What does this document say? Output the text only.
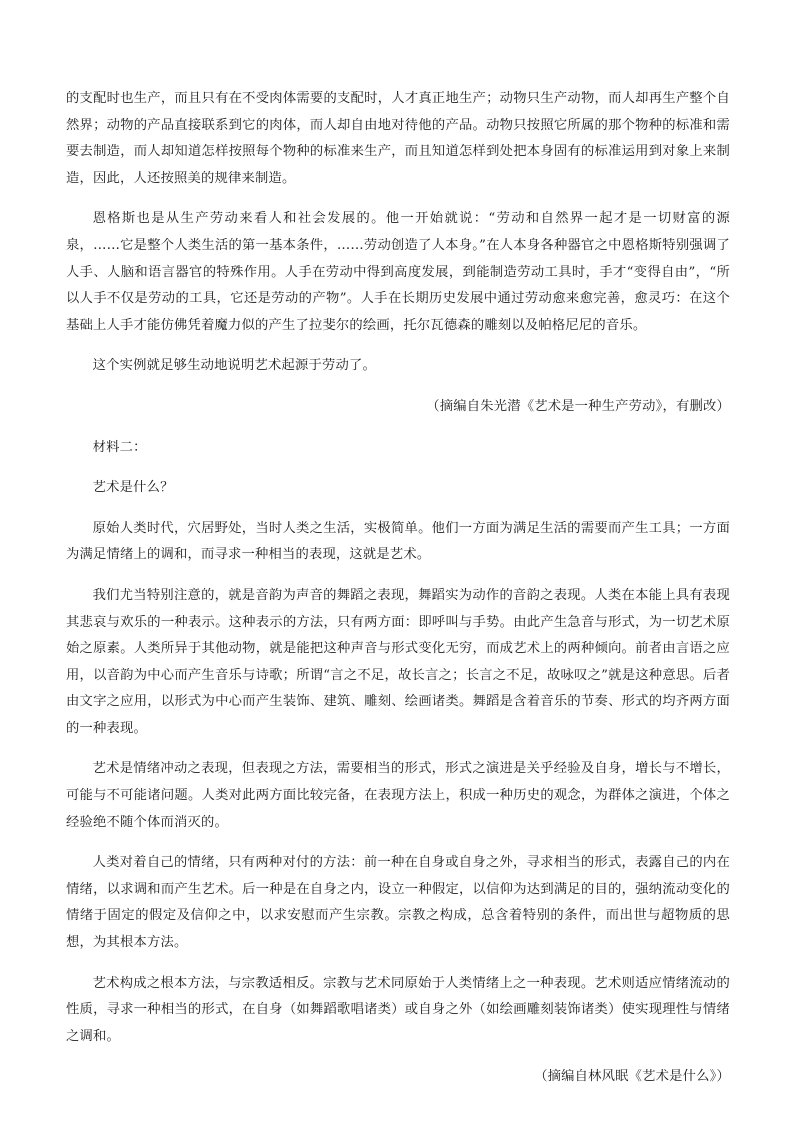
的支配时也生产，而且只有在不受肉体需要的支配时，人才真正地生产；动物只生产动物，而人却再生产整个自然界；动物的产品直接联系到它的肉体，而人却自由地对待他的产品。动物只按照它所属的那个物种的标准和需要去制造，而人却知道怎样按照每个物种的标准来生产，而且知道怎样到处把本身固有的标准运用到对象上来制造，因此，人还按照美的规律来制造。

恩格斯也是从生产劳动来看人和社会发展的。他一开始就说：“劳动和自然界一起才是一切财富的源泉，……它是整个人类生活的第一基本条件，……劳动创造了人本身。”在人本身各种器官之中恩格斯特别强调了人手、人脑和语言器官的特殊作用。人手在劳动中得到高度发展，到能制造劳动工具时，手才“变得自由”，“所以人手不仅是劳动的工具，它还是劳动的产物”。人手在长期历史发展中通过劳动愈来愈完善，愈灵巧：在这个基础上人手才能仿佛凭着魔力似的产生了拉斐尔的绘画，托尔瓦德森的雕刻以及帕格尼尼的音乐。

这个实例就足够生动地说明艺术起源于劳动了。

（摘编自朱光潜《艺术是一种生产劳动》，有删改）

材料二：

艺术是什么？

原始人类时代，穴居野处，当时人类之生活，实极简单。他们一方面为满足生活的需要而产生工具；一方面为满足情绪上的调和，而寻求一种相当的表现，这就是艺术。

我们尤当特别注意的，就是音韵为声音的舞蹈之表现，舞蹈实为动作的音韵之表现。人类在本能上具有表现其悲哀与欢乐的一种表示。这种表示的方法，只有两方面：即呼叫与手势。由此产生急音与形式，为一切艺术原始之原素。人类所异于其他动物，就是能把这种声音与形式变化无穷，而成艺术上的两种倾向。前者由言语之应用，以音韵为中心而产生音乐与诗歌；所谓“言之不足，故长言之；长言之不足，故咏叹之”就是这种意思。后者由文字之应用，以形式为中心而产生装饰、建筑、雕刻、绘画诸类。舞蹈是含着音乐的节奏、形式的均齐两方面的一种表现。

艺术是情绪冲动之表现，但表现之方法，需要相当的形式，形式之演进是关乎经验及自身，增长与不增长，可能与不可能诸问题。人类对此两方面比较完备，在表现方法上，积成一种历史的观念，为群体之演进，个体之经验绝不随个体而消灭的。

人类对着自己的情绪，只有两种对付的方法：前一种在自身或自身之外，寻求相当的形式，表露自己的内在情绪，以求调和而产生艺术。后一种是在自身之内，设立一种假定，以信仰为达到满足的目的，强纳流动变化的情绪于固定的假定及信仰之中，以求安慰而产生宗教。宗教之构成，总含着特别的条件，而出世与超物质的思想，为其根本方法。

艺术构成之根本方法，与宗教适相反。宗教与艺术同原始于人类情绪上之一种表现。艺术则适应情绪流动的性质，寻求一种相当的形式，在自身（如舞蹈歌唱诸类）或自身之外（如绘画雕刻装饰诸类）使实现理性与情绪之调和。

（摘编自林风眠《艺术是什么》）
